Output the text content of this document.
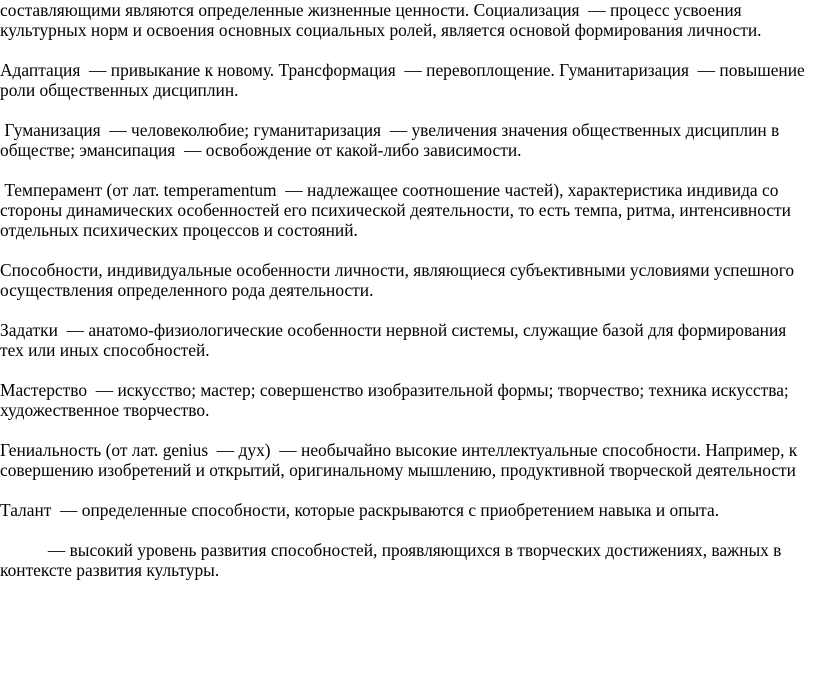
составляющими являются определенные жизненные ценности. Социализация  — процесс усвоения
культурных норм и освоения основных социальных ролей, является основой формирования личности.

Адаптация  — привыкание к новому. Трансформация  — перевоплощение. Гуманитаризация  — повышение
роли общественных дисциплин.

Гуманизация  — человеколюбие; гуманитаризация  — увеличения значения общественных дисциплин в
обществе; эмансипация  — освобождение от какой-либо зависимости.

Темперамент (от лат. temperamentum  — надлежащее соотношение частей), характеристика индивида со
стороны динамических особенностей его психической деятельности, то есть темпа, ритма, интенсивности
отдельных психических процессов и состояний.

Способности, индивидуальные особенности личности, являющиеся субъективными условиями успешного
осуществления определенного рода деятельности.

Задатки  — анатомо-физиологические особенности нервной системы, служащие базой для формирования
тех или иных способностей.

Мастерство  — искусство; мастер; совершенство изобразительной формы; творчество; техника искусства;
художественное творчество.

Гениальность (от лат. genius  — дух)  — необычайно высокие интеллектуальные способности. Например, к
совершению изобретений и открытий, оригинальному мышлению, продуктивной творческой деятельности

Талант  — определенные способности, которые раскрываются с приобретением навыка и опыта.

— высокий уровень развития способностей, проявляющихся в творческих достижениях, важных в
контексте развития культуры.
